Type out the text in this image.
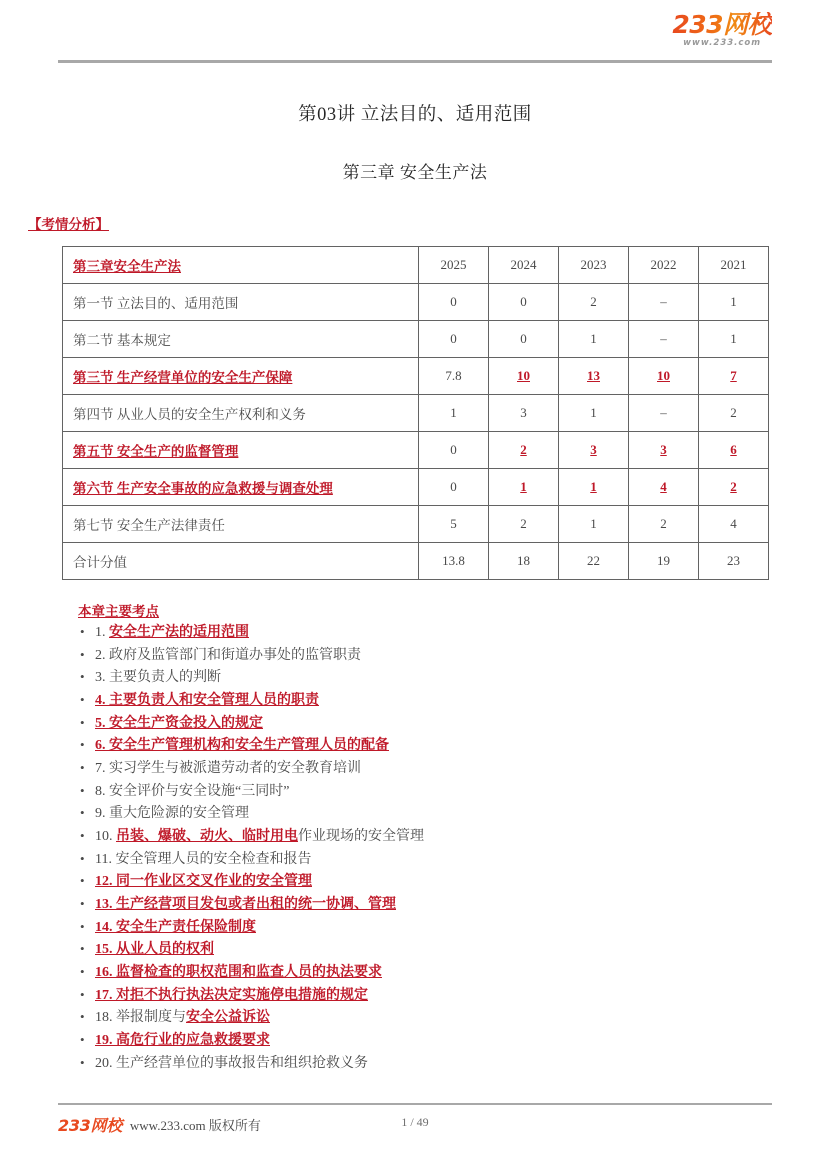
233网校
www.233.com
第03讲 立法目的、适用范围
第三章 安全生产法
【考情分析】
第三章安全生产法	2025	2024	2023	2022	2021
第一节 立法目的、适用范围	0	0	2	–	1
第二节 基本规定	0	0	1	–	1
第三节 生产经营单位的安全生产保障	7.8	10	13	10	7
第四节 从业人员的安全生产权利和义务	1	3	1	–	2
第五节 安全生产的监督管理	0	2	3	3	6
第六节 生产安全事故的应急救援与调查处理	0	1	1	4	2
第七节 安全生产法律责任	5	2	1	2	4
合计分值	13.8	18	22	19	23
本章主要考点
• 1. 安全生产法的适用范围
• 2. 政府及监管部门和街道办事处的监管职责
• 3. 主要负责人的判断
• 4. 主要负责人和安全管理人员的职责
• 5. 安全生产资金投入的规定
• 6. 安全生产管理机构和安全生产管理人员的配备
• 7. 实习学生与被派遣劳动者的安全教育培训
• 8. 安全评价与安全设施“三同时”
• 9. 重大危险源的安全管理
• 10. 吊装、爆破、动火、临时用电作业现场的安全管理
• 11. 安全管理人员的安全检查和报告
• 12. 同一作业区交叉作业的安全管理
• 13. 生产经营项目发包或者出租的统一协调、管理
• 14. 安全生产责任保险制度
• 15. 从业人员的权利
• 16. 监督检查的职权范围和监查人员的执法要求
• 17. 对拒不执行执法决定实施停电措施的规定
• 18. 举报制度与安全公益诉讼
• 19. 高危行业的应急救援要求
• 20. 生产经营单位的事故报告和组织抢救义务
233网校 www.233.com 版权所有	1 / 49
